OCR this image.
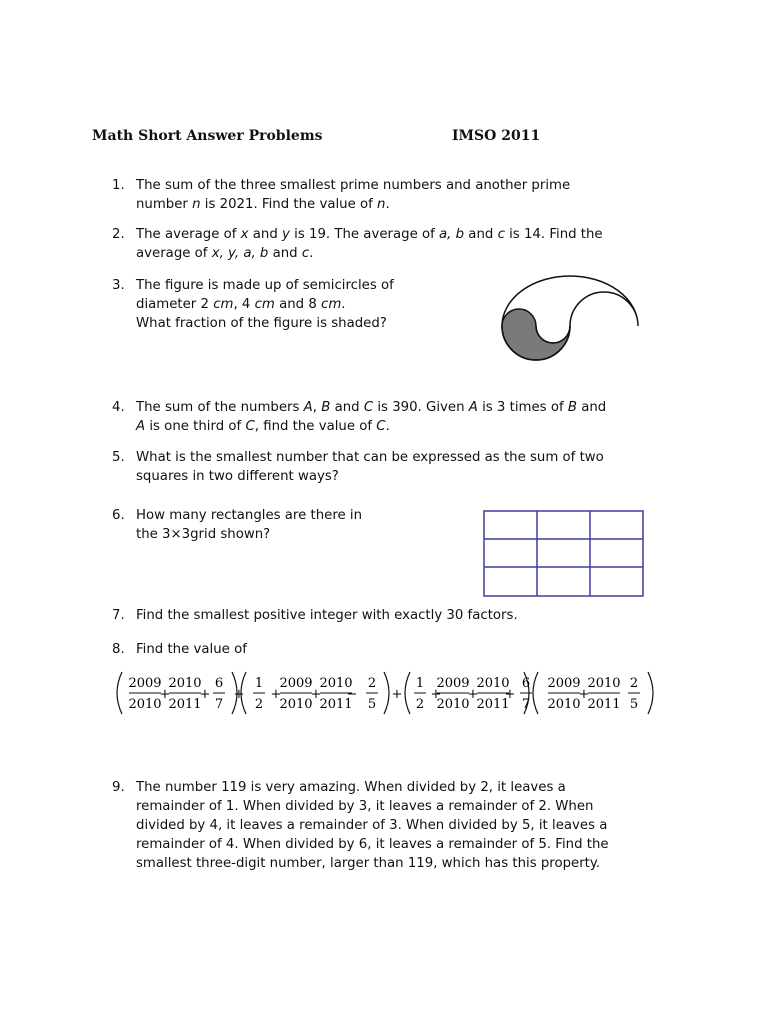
Math Short Answer Problems	IMSO 2011
1. The sum of the three smallest prime numbers and another prime
number n is 2021. Find the value of n.
2. The average of x and y is 19. The average of a, b and c is 14. Find the
average of x, y, a, b and c.
3. The figure is made up of semicircles of
diameter 2 cm, 4 cm and 8 cm.
What fraction of the figure is shaded?
4. The sum of the numbers A, B and C is 390. Given A is 3 times of B and
A is one third of C, find the value of C.
5. What is the smallest number that can be expressed as the sum of two
squares in two different ways?
6. How many rectangles are there in
the 3×3grid shown?
7. Find the smallest positive integer with exactly 30 factors.
8. Find the value of
2009
2010
2010
2011
6
7
1
2
2009
2010
2010
2011
2
5
1
2
2009
2010
2010
2011
6
7
2009
2010
2010
2011
2
5
+ + + + + −	+ + + +	+
9. The number 119 is very amazing. When divided by 2, it leaves a
remainder of 1. When divided by 3, it leaves a remainder of 2. When
divided by 4, it leaves a remainder of 3. When divided by 5, it leaves a
remainder of 4. When divided by 6, it leaves a remainder of 5. Find the
smallest three-digit number, larger than 119, which has this property.
